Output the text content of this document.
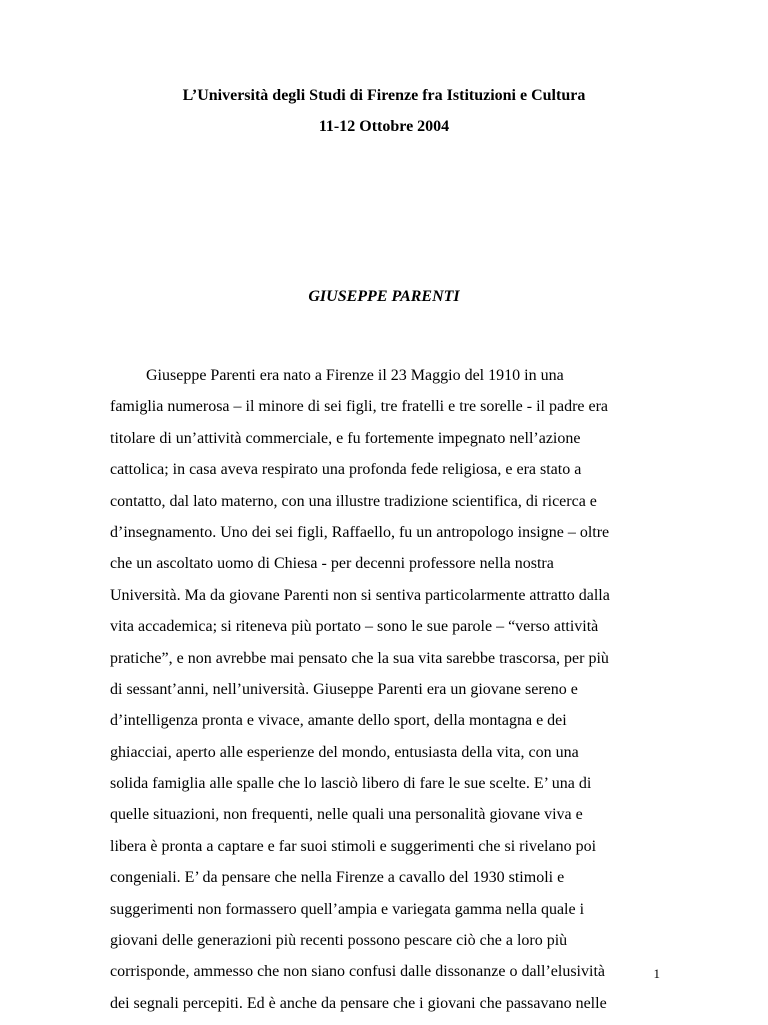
L’Università degli Studi di Firenze fra Istituzioni e Cultura
11-12 Ottobre 2004
GIUSEPPE PARENTI
Giuseppe Parenti era nato a Firenze il 23 Maggio del 1910 in una
famiglia numerosa – il minore di sei figli, tre fratelli e tre sorelle - il padre era
titolare di un’attività commerciale, e fu fortemente impegnato nell’azione
cattolica; in casa aveva respirato una profonda fede religiosa, e era stato a
contatto, dal lato materno, con una illustre tradizione scientifica, di ricerca e
d’insegnamento. Uno dei sei figli, Raffaello, fu un antropologo insigne – oltre
che un ascoltato uomo di Chiesa - per decenni professore nella nostra
Università. Ma da giovane Parenti non si sentiva particolarmente attratto dalla
vita accademica; si riteneva più portato – sono le sue parole – “verso attività
pratiche”, e non avrebbe mai pensato che la sua vita sarebbe trascorsa, per più
di sessant’anni, nell’università. Giuseppe Parenti era un giovane sereno e
d’intelligenza pronta e vivace, amante dello sport, della montagna e dei
ghiacciai, aperto alle esperienze del mondo, entusiasta della vita, con una
solida famiglia alle spalle che lo lasciò libero di fare le sue scelte. E’ una di
quelle situazioni, non frequenti, nelle quali una personalità giovane viva e
libera è pronta a captare e far suoi stimoli e suggerimenti che si rivelano poi
congeniali. E’ da pensare che nella Firenze a cavallo del 1930 stimoli e
suggerimenti non formassero quell’ampia e variegata gamma nella quale i
giovani delle generazioni più recenti possono pescare ciò che a loro più
corrisponde, ammesso che non siano confusi dalle dissonanze o dall’elusività
dei segnali percepiti. Ed è anche da pensare che i giovani che passavano nelle
1
